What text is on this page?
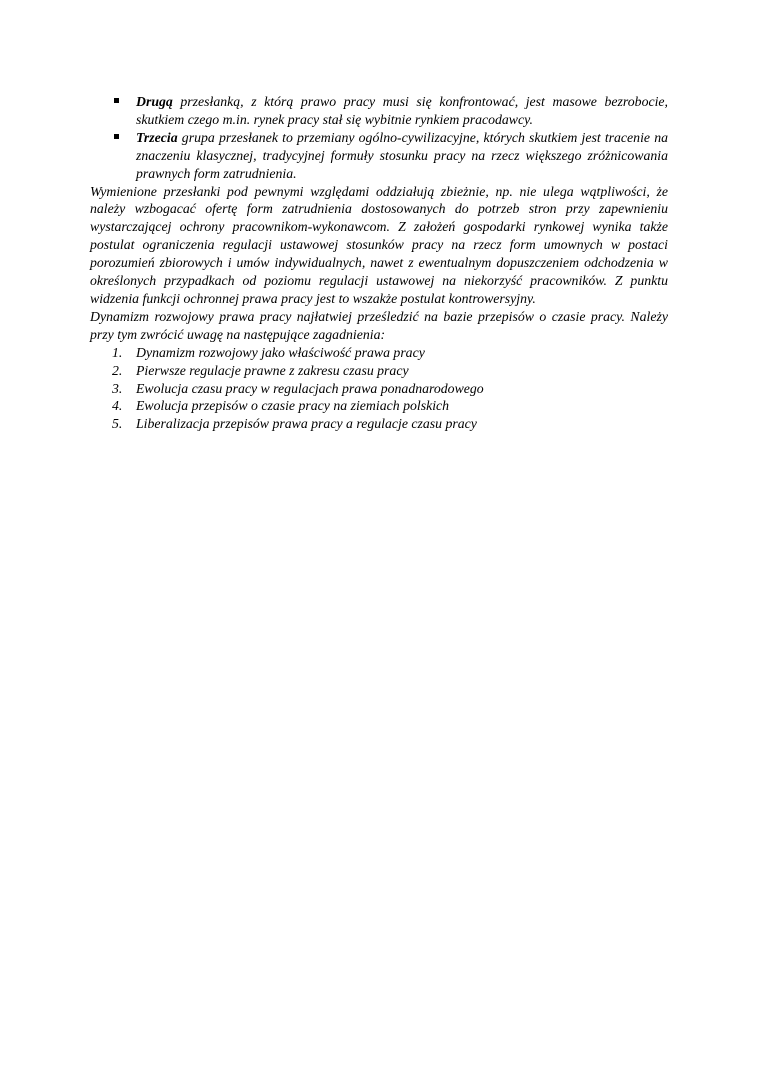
Drugą przesłanką, z którą prawo pracy musi się konfrontować, jest masowe bezrobocie, skutkiem czego m.in. rynek pracy stał się wybitnie rynkiem pracodawcy.
Trzecia grupa przesłanek to przemiany ogólno-cywilizacyjne, których skutkiem jest tracenie na znaczeniu klasycznej, tradycyjnej formuły stosunku pracy na rzecz większego zróżnicowania prawnych form zatrudnienia.

Wymienione przesłanki pod pewnymi względami oddziałują zbieżnie, np. nie ulega wątpliwości, że należy wzbogacać ofertę form zatrudnienia dostosowanych do potrzeb stron przy zapewnieniu wystarczającej ochrony pracownikom-wykonawcom. Z założeń gospodarki rynkowej wynika także postulat ograniczenia regulacji ustawowej stosunków pracy na rzecz form umownych w postaci porozumień zbiorowych i umów indywidualnych, nawet z ewentualnym dopuszczeniem odchodzenia w określonych przypadkach od poziomu regulacji ustawowej na niekorzyść pracowników. Z punktu widzenia funkcji ochronnej prawa pracy jest to wszakże postulat kontrowersyjny.

Dynamizm rozwojowy prawa pracy najłatwiej prześledzić na bazie przepisów o czasie pracy. Należy przy tym zwrócić uwagę na następujące zagadnienia:

1. Dynamizm rozwojowy jako właściwość prawa pracy
2. Pierwsze regulacje prawne z zakresu czasu pracy
3. Ewolucja czasu pracy w regulacjach prawa ponadnarodowego
4. Ewolucja przepisów o czasie pracy na ziemiach polskich
5. Liberalizacja przepisów prawa pracy a regulacje czasu pracy
